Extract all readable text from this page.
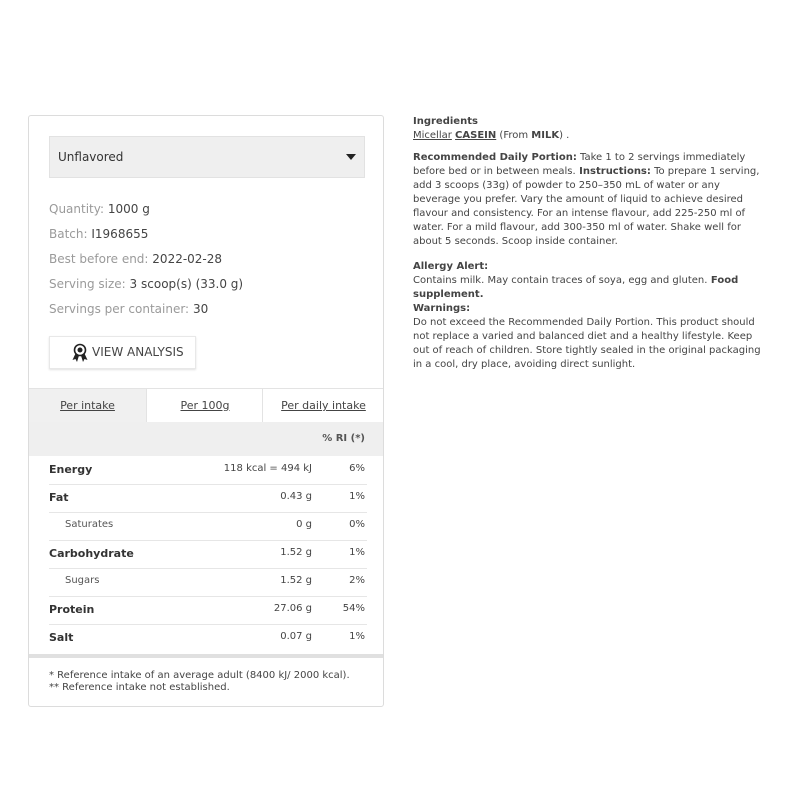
Unflavored
Quantity: 1000 g
Batch: I1968655
Best before end: 2022-02-28
Serving size: 3 scoop(s) (33.0 g)
Servings per container: 30
VIEW ANALYSIS
Per intake	Per 100g	Per daily intake
% RI (*)
Energy	118 kcal = 494 kJ	6%
Fat	0.43 g	1%
Saturates	0 g	0%
Carbohydrate	1.52 g	1%
Sugars	1.52 g	2%
Protein	27.06 g	54%
Salt	0.07 g	1%
* Reference intake of an average adult (8400 kJ/ 2000 kcal).
** Reference intake not established.
Ingredients
Micellar CASEIN (From MILK) .
Recommended Daily Portion: Take 1 to 2 servings immediately before bed or in between meals. Instructions: To prepare 1 serving, add 3 scoops (33g) of powder to 250–350 mL of water or any beverage you prefer. Vary the amount of liquid to achieve desired flavour and consistency. For an intense flavour, add 225-250 ml of water. For a mild flavour, add 300-350 ml of water. Shake well for about 5 seconds. Scoop inside container.
Allergy Alert:
Contains milk. May contain traces of soya, egg and gluten. Food supplement.
Warnings:
Do not exceed the Recommended Daily Portion. This product should not replace a varied and balanced diet and a healthy lifestyle. Keep out of reach of children. Store tightly sealed in the original packaging in a cool, dry place, avoiding direct sunlight.
